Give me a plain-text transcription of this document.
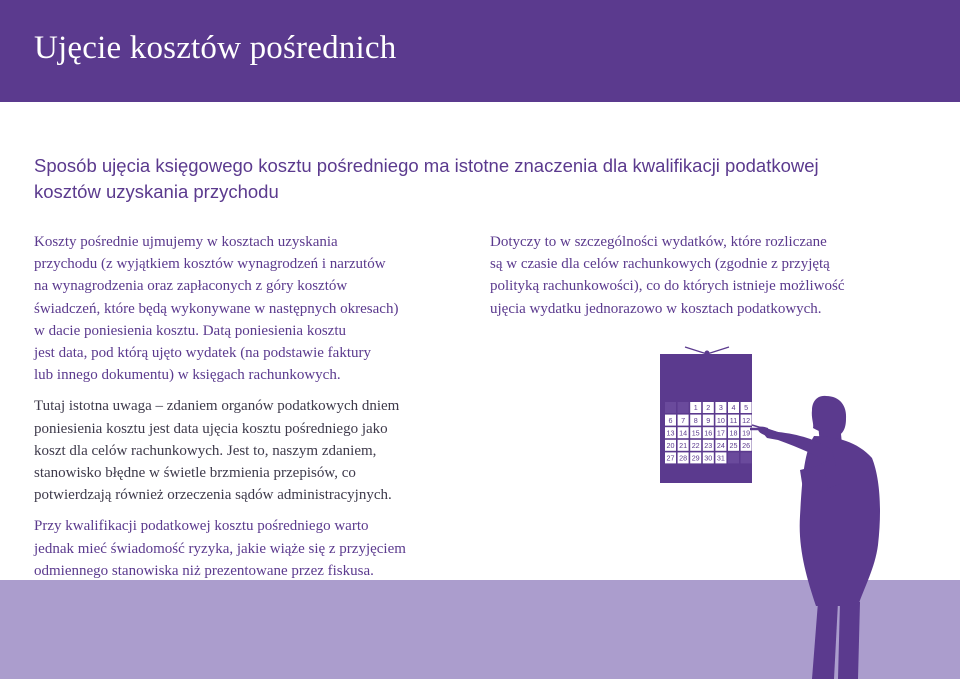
Ujęcie kosztów pośrednich
Sposób ujęcia księgowego kosztu pośredniego ma istotne znaczenia dla kwalifikacji podatkowej
kosztów uzyskania przychodu

Koszty pośrednie ujmujemy w kosztach uzyskania
przychodu (z wyjątkiem kosztów wynagrodzeń i narzutów
na wynagrodzenia oraz zapłaconych z góry kosztów
świadczeń, które będą wykonywane w następnych okresach)
w dacie poniesienia kosztu. Datą poniesienia kosztu
jest data, pod którą ujęto wydatek (na podstawie faktury
lub innego dokumentu) w księgach rachunkowych.

Tutaj istotna uwaga – zdaniem organów podatkowych dniem
poniesienia kosztu jest data ujęcia kosztu pośredniego jako
koszt dla celów rachunkowych. Jest to, naszym zdaniem,
stanowisko błędne w świetle brzmienia przepisów, co
potwierdzają również orzeczenia sądów administracyjnych.

Przy kwalifikacji podatkowej kosztu pośredniego warto
jednak mieć świadomość ryzyka, jakie wiąże się z przyjęciem
odmiennego stanowiska niż prezentowane przez fiskusa.

Dotyczy to w szczególności wydatków, które rozliczane
są w czasie dla celów rachunkowych (zgodnie z przyjętą
polityką rachunkowości), co do których istnieje możliwość
ujęcia wydatku jednorazowo w kosztach podatkowych.

1 2 3 4 5
6 7 8 9 10 11 12
13 14 15 16 17 18 19
20 21 22 23 24 25 26
27 28 29 30 31
